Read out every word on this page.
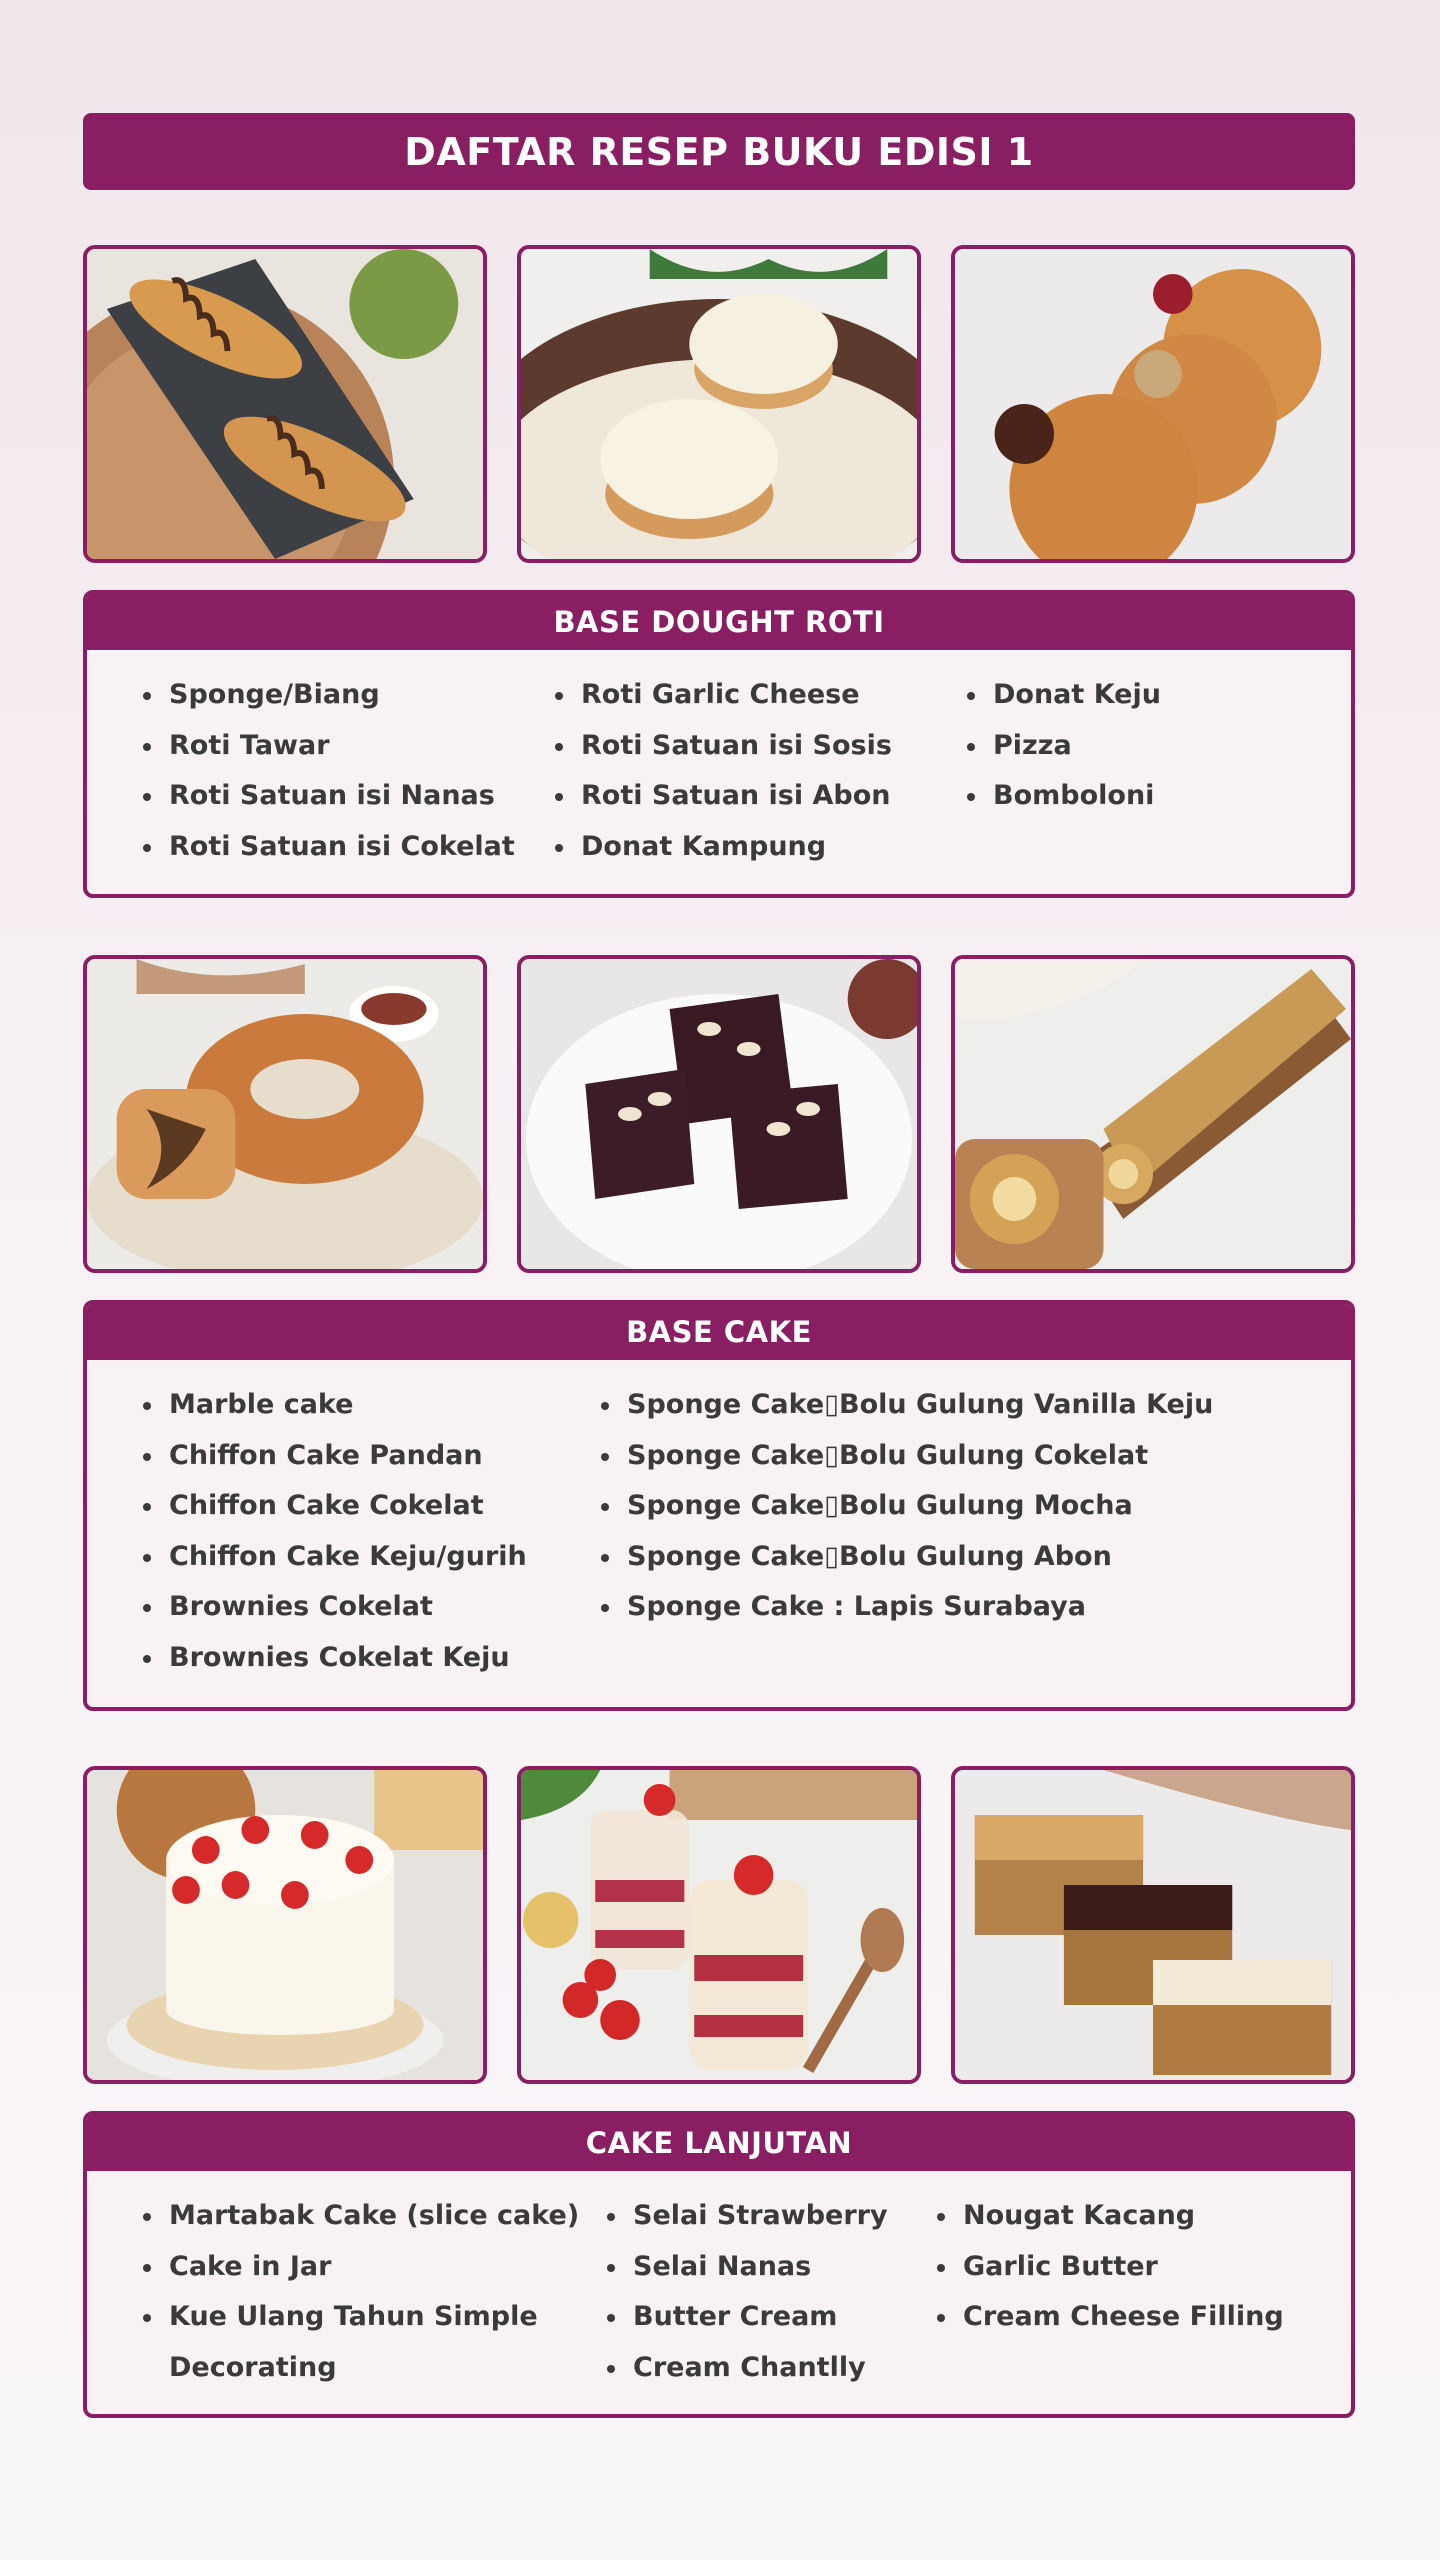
DAFTAR RESEP BUKU EDISI 1
BASE DOUGHT ROTI
Sponge/Biang
Roti Tawar
Roti Satuan isi Nanas
Roti Satuan isi Cokelat
Roti Garlic Cheese
Roti Satuan isi Sosis
Roti Satuan isi Abon
Donat Kampung
Donat Keju
Pizza
Bomboloni
BASE CAKE
Marble cake
Chiffon Cake Pandan
Chiffon Cake Cokelat
Chiffon Cake Keju/gurih
Brownies Cokelat
Brownies Cokelat Keju
Sponge Cake▯Bolu Gulung Vanilla Keju
Sponge Cake▯Bolu Gulung Cokelat
Sponge Cake▯Bolu Gulung Mocha
Sponge Cake▯Bolu Gulung Abon
Sponge Cake : Lapis Surabaya
CAKE LANJUTAN
Martabak Cake (slice cake)
Cake in Jar
Kue Ulang Tahun Simple
Decorating
Selai Strawberry
Selai Nanas
Butter Cream
Cream Chantlly
Nougat Kacang
Garlic Butter
Cream Cheese Filling
